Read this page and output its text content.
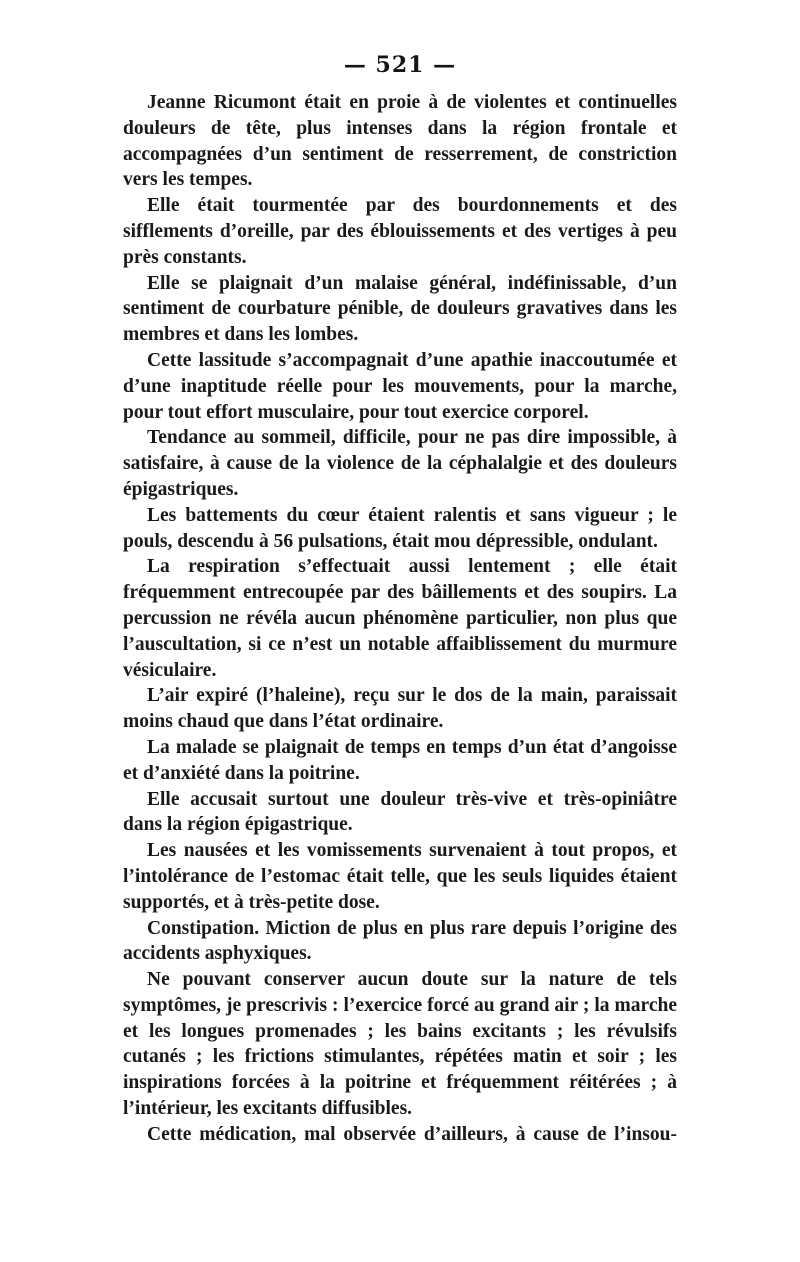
— 521 —

Jeanne Ricumont était en proie à de violentes et continuelles douleurs de tête, plus intenses dans la région frontale et accompagnées d’un sentiment de resserrement, de constriction vers les tempes.

Elle était tourmentée par des bourdonnements et des sifflements d’oreille, par des éblouissements et des vertiges à peu près constants.

Elle se plaignait d’un malaise général, indéfinissable, d’un sentiment de courbature pénible, de douleurs gravatives dans les membres et dans les lombes.

Cette lassitude s’accompagnait d’une apathie inaccoutumée et d’une inaptitude réelle pour les mouvements, pour la marche, pour tout effort musculaire, pour tout exercice corporel.

Tendance au sommeil, difficile, pour ne pas dire impossible, à satisfaire, à cause de la violence de la céphalalgie et des douleurs épigastriques.

Les battements du cœur étaient ralentis et sans vigueur ; le pouls, descendu à 56 pulsations, était mou dépressible, ondulant.

La respiration s’effectuait aussi lentement ; elle était fréquemment entrecoupée par des bâillements et des soupirs. La percussion ne révéla aucun phénomène particulier, non plus que l’auscultation, si ce n’est un notable affaiblissement du murmure vésiculaire.

L’air expiré (l’haleine), reçu sur le dos de la main, paraissait moins chaud que dans l’état ordinaire.

La malade se plaignait de temps en temps d’un état d’angoisse et d’anxiété dans la poitrine.

Elle accusait surtout une douleur très-vive et très-opiniâtre dans la région épigastrique.

Les nausées et les vomissements survenaient à tout propos, et l’intolérance de l’estomac était telle, que les seuls liquides étaient supportés, et à très-petite dose.

Constipation. Miction de plus en plus rare depuis l’origine des accidents asphyxiques.

Ne pouvant conserver aucun doute sur la nature de tels symptômes, je prescrivis : l’exercice forcé au grand air ; la marche et les longues promenades ; les bains excitants ; les révulsifs cutanés ; les frictions stimulantes, répétées matin et soir ; les inspirations forcées à la poitrine et fréquemment réitérées ; à l’intérieur, les excitants diffusibles.

Cette médication, mal observée d’ailleurs, à cause de l’insou-
